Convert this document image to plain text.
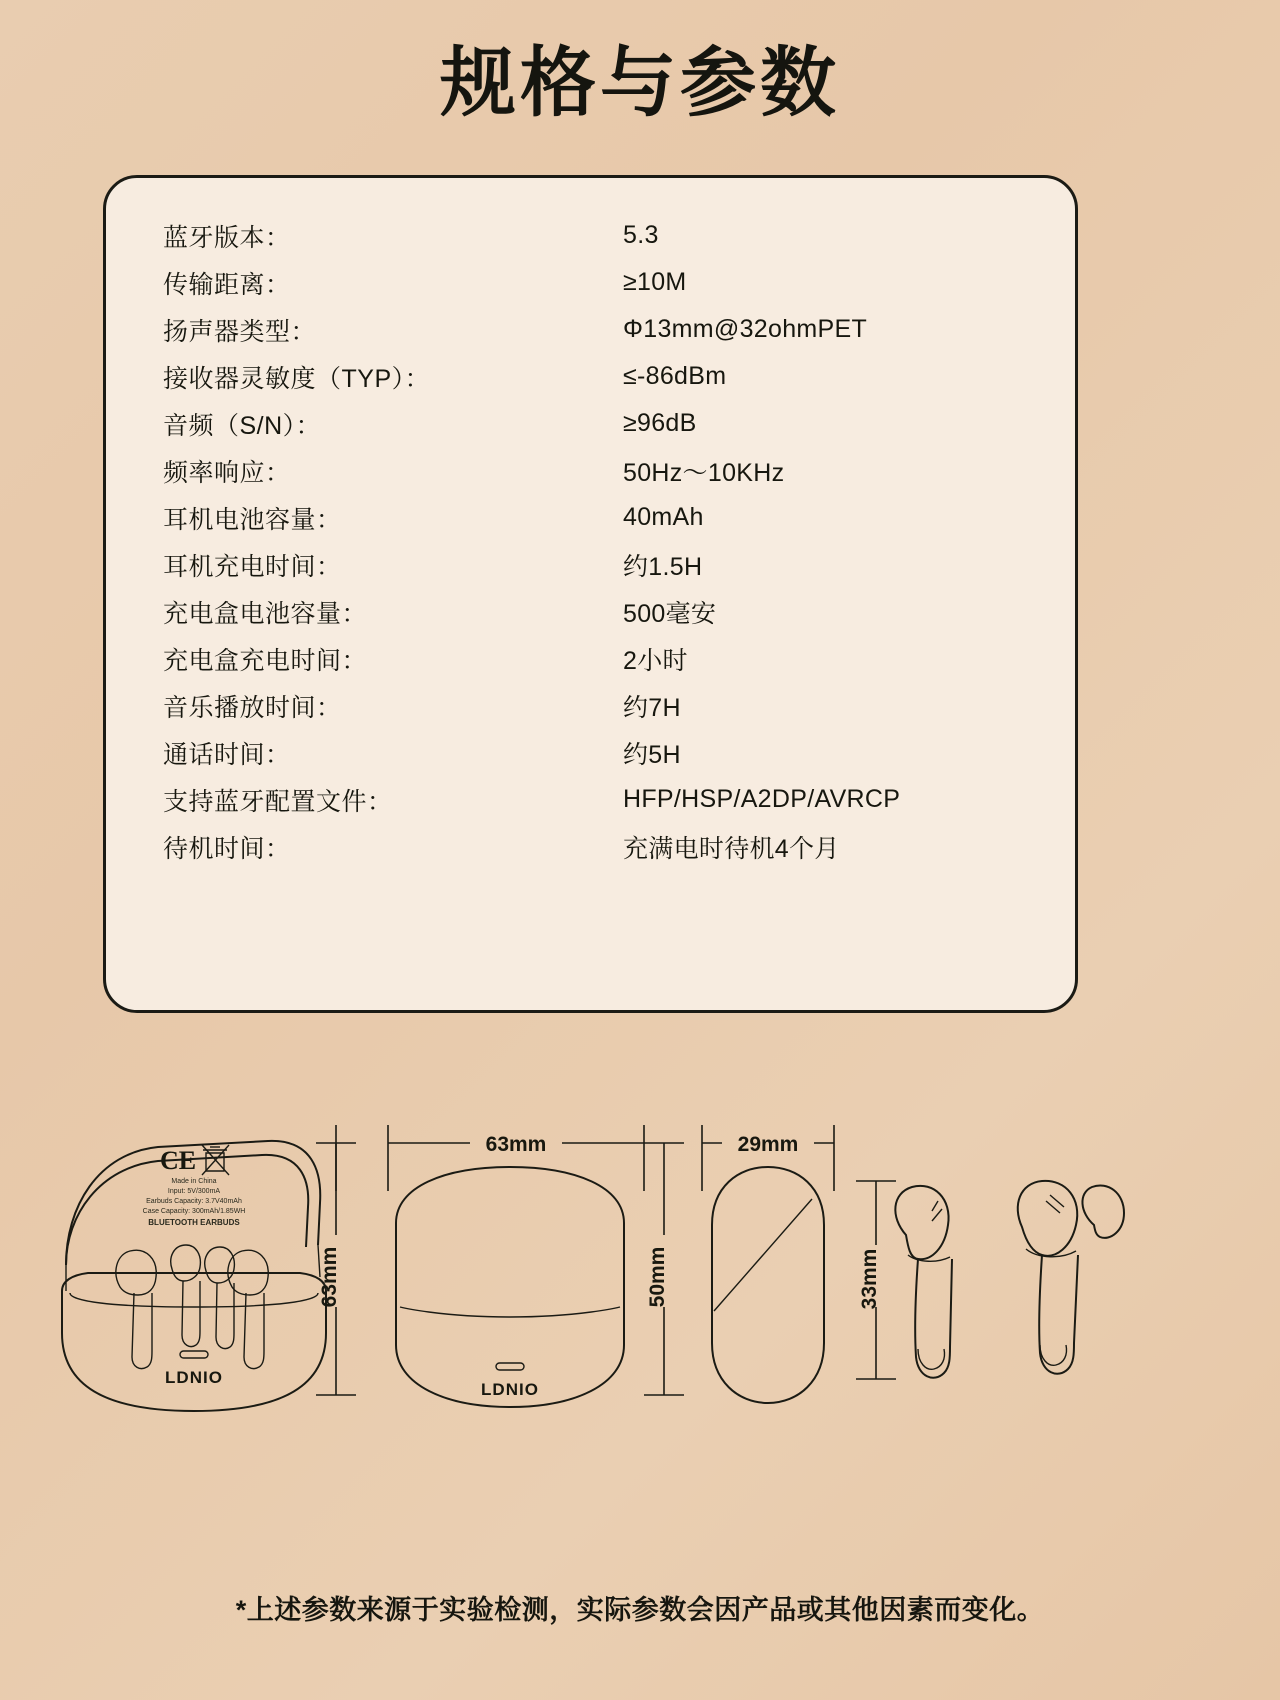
规格与参数
蓝牙版本：	5.3
传输距离：	≥10M
扬声器类型：	Φ13mm@32ohmPET
接收器灵敏度（TYP）：	≤-86dBm
音频（S/N）：	≥96dB
频率响应：	50Hz～10KHz
耳机电池容量：	40mAh
耳机充电时间：	约1.5H
充电盒电池容量：	500毫安
充电盒充电时间：	2小时
音乐播放时间：	约7H
通话时间：	约5H
支持蓝牙配置文件：	HFP/HSP/A2DP/AVRCP
待机时间：	充满电时待机4个月
CE
Made in China
Input: 5V/300mA
Earbuds Capacity: 3.7V40mAh
Case Capacity: 300mAh/1.85WH
BLUETOOTH EARBUDS
LDNIO
LDNIO
63mm
63mm	50mm
29mm
33mm
*上述参数来源于实验检测，实际参数会因产品或其他因素而变化。
